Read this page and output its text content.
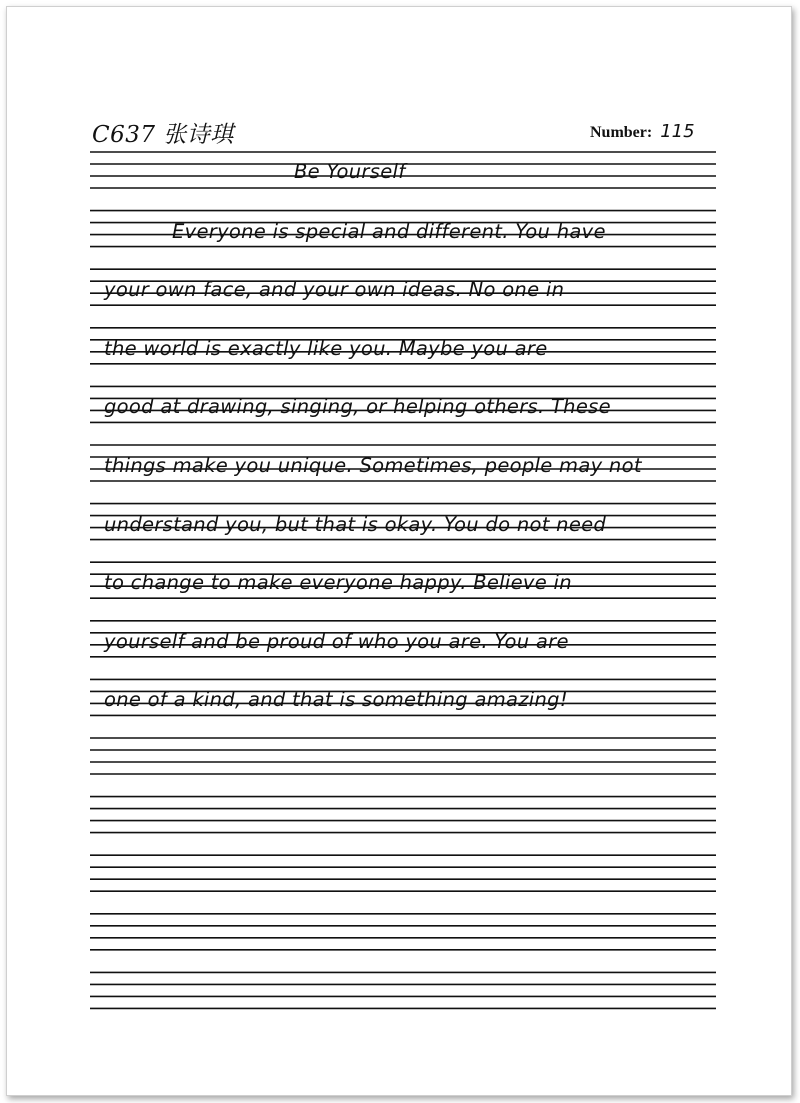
C637 张诗琪	Number: 115
Be Yourself
Everyone is special and different. You have
your own face, and your own ideas. No one in
the world is exactly like you. Maybe you are
good at drawing, singing, or helping others. These
things make you unique. Sometimes, people may not
understand you, but that is okay. You do not need
to change to make everyone happy. Believe in
yourself and be proud of who you are. You are
one of a kind, and that is something amazing!
